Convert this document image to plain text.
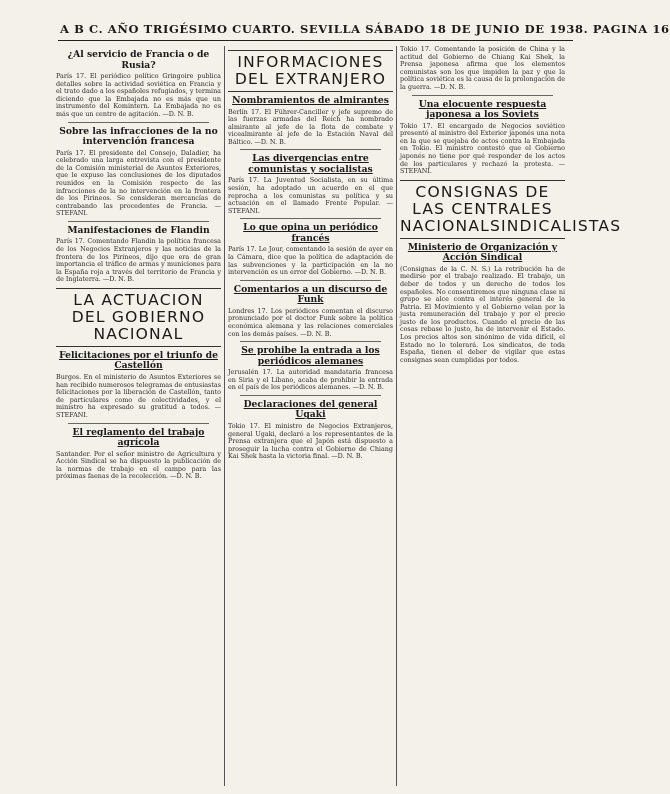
A B C. AÑO TRIGÉSIMO CUARTO. SEVILLA SÁBADO 18 DE JUNIO DE 1938. PAGINA 16
¿Al servicio de Francia o de Rusia?

París 17. El periódico político Gringoire publica detalles sobre la actividad soviética en Francia y el trato dado a los españoles refugiados, y termina diciendo que la Embajada no es más que un instrumento del Komintern. La Embajada no es más que un centro de agitación. —D. N. B.

Sobre las infracciones de la no intervención francesa

París 17. El presidente del Consejo, Daladier, ha celebrado una larga entrevista con el presidente de la Comisión ministerial de Asuntos Exteriores, que le expuso las conclusiones de los diputados reunidos en la Comisión respecto de las infracciones de la no intervención en la frontera de los Pirineos. Se consideran mercancías de contrabando las procedentes de Francia. —STEFANI.

Manifestaciones de Flandin

París 17. Comentando Flandin la política francesa de los Negocios Extranjeros y las noticias de la frontera de los Pirineos, dijo que era de gran importancia el tráfico de armas y municiones para la España roja a través del territorio de Francia y de Inglaterra. —D. N. B.

LA ACTUACION DEL GOBIERNO NACIONAL
Felicitaciones por el triunfo de Castellón

Burgos. En el ministerio de Asuntos Exteriores se han recibido numerosos telegramas de entusiastas felicitaciones por la liberación de Castellón, tanto de particulares como de colectividades, y el ministro ha expresado su gratitud a todos. —STEFANI.

El reglamento del trabajo agrícola

Santander. Por el señor ministro de Agricultura y Acción Sindical se ha dispuesto la publicación de la normas de trabajo en el campo para las próximas faenas de la recolección. —D. N. B.

INFORMACIONES DEL EXTRANJERO
Nombramientos de almirantes

Berlín 17. El Führer-Canciller y jefe supremo de las fuerzas armadas del Reich ha nombrado almirante al jefe de la flota de combate y vicealmirante al jefe de la Estación Naval del Báltico. —D. N. B.

Las divergencias entre comunistas y socialistas

París 17. La Juventud Socialista, en su última sesión, ha adoptado un acuerdo en el que reprocha a los comunistas su política y su actuación en el llamado Frente Popular. —STEFANI.

Lo que opina un periódico francés

París 17. Le Jour, comentando la sesión de ayer en la Cámara, dice que la política de adaptación de las subvenciones y la participación en la no intervención es un error del Gobierno. —D. N. B.

Comentarios a un discurso de Funk

Londres 17. Los periódicos comentan el discurso pronunciado por el doctor Funk sobre la política económica alemana y las relaciones comerciales con los demás países. —D. N. B.

Se prohibe la entrada a los periódicos alemanes

Jerusalén 17. La autoridad mandataria francesa en Siria y el Líbano, acaba de prohibir la entrada en el país de los periódicos alemanes. —D. N. B.

Declaraciones del general Ugaki

Tokio 17. El ministro de Negocios Extranjeros, general Ugaki, declaró a los representantes de la Prensa extranjera que el Japón está dispuesto a proseguir la lucha contra el Gobierno de Chiang Kai Shek hasta la victoria final. —D. N. B.

Tokio 17. Comentando la posición de China y la actitud del Gobierno de Chiang Kai Shek, la Prensa japonesa afirma que los elementos comunistas son los que impiden la paz y que la política soviética es la causa de la prolongación de la guerra. —D. N. B.

Una elocuente respuesta japonesa a los Soviets

Tokio 17. El encargado de Negocios soviético presentó al ministro del Exterior japonés una nota en la que se quejaba de actos contra la Embajada en Tokio. El ministro contestó que el Gobierno japonés no tiene por qué responder de los actos de los particulares y rechazó la protesta. —STEFANI.

CONSIGNAS DE LAS CENTRALES NACIONALSINDICALISTAS
Ministerio de Organización y Acción Sindical

(Consignas de la C. N. S.) La retribución ha de medirse por el trabajo realizado. El trabajo, un deber de todos y un derecho de todos los españoles. No consentiremos que ninguna clase ni grupo se alce contra el interés general de la Patria. El Movimiento y el Gobierno velan por la justa remuneración del trabajo y por el precio justo de los productos. Cuando el precio de las cosas rebase lo justo, ha de intervenir el Estado. Los precios altos son sinónimo de vida difícil, el Estado no lo tolerará. Los sindicatos, de toda España, tienen el deber de vigilar que estas consignas sean cumplidas por todos.
